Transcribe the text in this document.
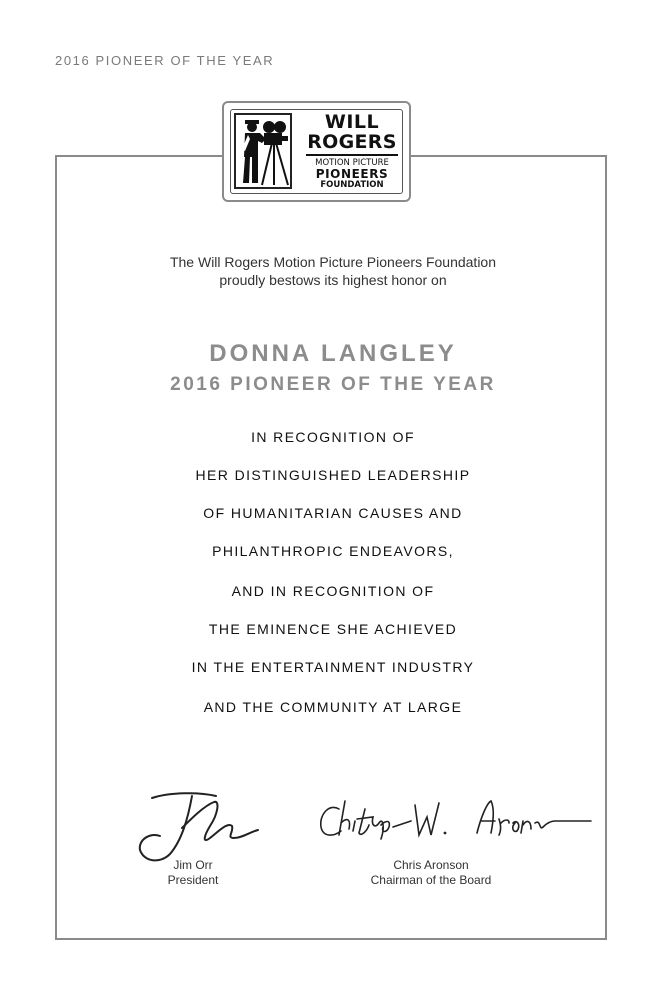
2016 PIONEER OF THE YEAR
WILL
ROGERS
MOTION PICTURE
PIONEERS
FOUNDATION
The Will Rogers Motion Picture Pioneers Foundation
proudly bestows its highest honor on
DONNA LANGLEY
2016 PIONEER OF THE YEAR
IN RECOGNITION OF
HER DISTINGUISHED LEADERSHIP
OF HUMANITARIAN CAUSES AND
PHILANTHROPIC ENDEAVORS,
AND IN RECOGNITION OF
THE EMINENCE SHE ACHIEVED
IN THE ENTERTAINMENT INDUSTRY
AND THE COMMUNITY AT LARGE
Jim Orr
President
Chris Aronson
Chairman of the Board
